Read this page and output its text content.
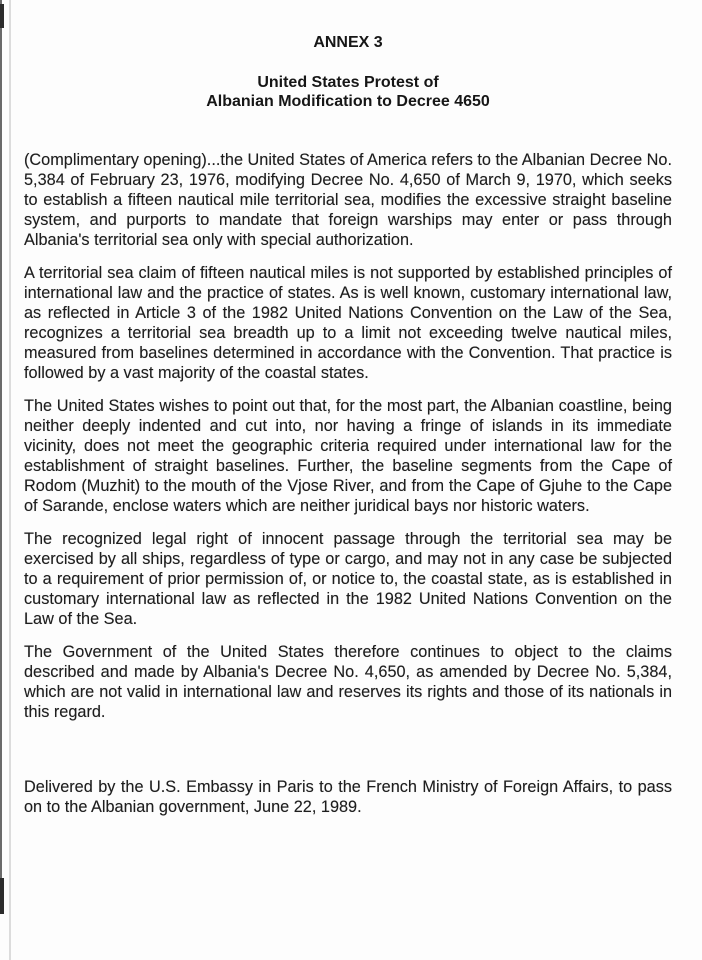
ANNEX 3
United States Protest of
Albanian Modification to Decree 4650

(Complimentary opening)...the United States of America refers to the Albanian Decree No. 5,384 of February 23, 1976, modifying Decree No. 4,650 of March 9, 1970, which seeks to establish a fifteen nautical mile territorial sea, modifies the excessive straight baseline system, and purports to mandate that foreign warships may enter or pass through Albania's territorial sea only with special authorization.

A territorial sea claim of fifteen nautical miles is not supported by established principles of international law and the practice of states. As is well known, customary international law, as reflected in Article 3 of the 1982 United Nations Convention on the Law of the Sea, recognizes a territorial sea breadth up to a limit not exceeding twelve nautical miles, measured from baselines determined in accordance with the Convention. That practice is followed by a vast majority of the coastal states.

The United States wishes to point out that, for the most part, the Albanian coastline, being neither deeply indented and cut into, nor having a fringe of islands in its immediate vicinity, does not meet the geographic criteria required under international law for the establishment of straight baselines. Further, the baseline segments from the Cape of Rodom (Muzhit) to the mouth of the Vjose River, and from the Cape of Gjuhe to the Cape of Sarande, enclose waters which are neither juridical bays nor historic waters.

The recognized legal right of innocent passage through the territorial sea may be exercised by all ships, regardless of type or cargo, and may not in any case be subjected to a requirement of prior permission of, or notice to, the coastal state, as is established in customary international law as reflected in the 1982 United Nations Convention on the Law of the Sea.

The Government of the United States therefore continues to object to the claims described and made by Albania's Decree No. 4,650, as amended by Decree No. 5,384, which are not valid in international law and reserves its rights and those of its nationals in this regard.

Delivered by the U.S. Embassy in Paris to the French Ministry of Foreign Affairs, to pass on to the Albanian government, June 22, 1989.
